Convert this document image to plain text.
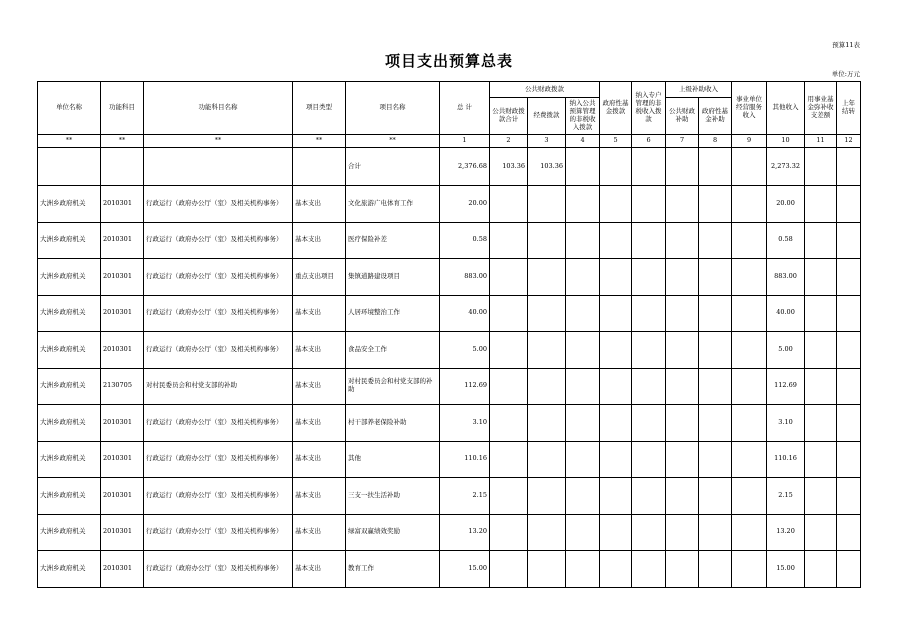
预算11表
项目支出预算总表
单位:万元
单位名称	功能科目	功能科目名称	项目类型	项目名称	总 计	公共财政拨款			政府性基金拨款	纳入专户管理的非税收入拨款	上级补助收入		事业单位经营服务收入	其他收入	用事业基金弥补收支差额	上年结转
						公共财政拨款合计	经费拨款	纳入公共预算管理的非税收入拨款			公共财政补助	政府性基金补助				
**	**	**	**	**	1	2	3	4	5	6	7	8	9	10	11	12
				合计	2,376.68	103.36	103.36							2,273.32		
大洲乡政府机关	2010301	行政运行（政府办公厅（室）及相关机构事务）	基本支出	文化旅游广电体育工作	20.00									20.00		
大洲乡政府机关	2010301	行政运行（政府办公厅（室）及相关机构事务）	基本支出	医疗保险补差	0.58									0.58		
大洲乡政府机关	2010301	行政运行（政府办公厅（室）及相关机构事务）	重点支出项目	集镇道路建设项目	883.00									883.00		
大洲乡政府机关	2010301	行政运行（政府办公厅（室）及相关机构事务）	基本支出	人居环境整治工作	40.00									40.00		
大洲乡政府机关	2010301	行政运行（政府办公厅（室）及相关机构事务）	基本支出	食品安全工作	5.00									5.00		
大洲乡政府机关	2130705	对村民委员会和村党支部的补助	基本支出	对村民委员会和村党支部的补助	112.69									112.69		
大洲乡政府机关	2010301	行政运行（政府办公厅（室）及相关机构事务）	基本支出	村干部养老保险补助	3.10									3.10		
大洲乡政府机关	2010301	行政运行（政府办公厅（室）及相关机构事务）	基本支出	其他	110.16									110.16		
大洲乡政府机关	2010301	行政运行（政府办公厅（室）及相关机构事务）	基本支出	三支一扶生活补助	2.15									2.15		
大洲乡政府机关	2010301	行政运行（政府办公厅（室）及相关机构事务）	基本支出	绿富双赢绩效奖励	13.20									13.20		
大洲乡政府机关	2010301	行政运行（政府办公厅（室）及相关机构事务）	基本支出	教育工作	15.00									15.00		
